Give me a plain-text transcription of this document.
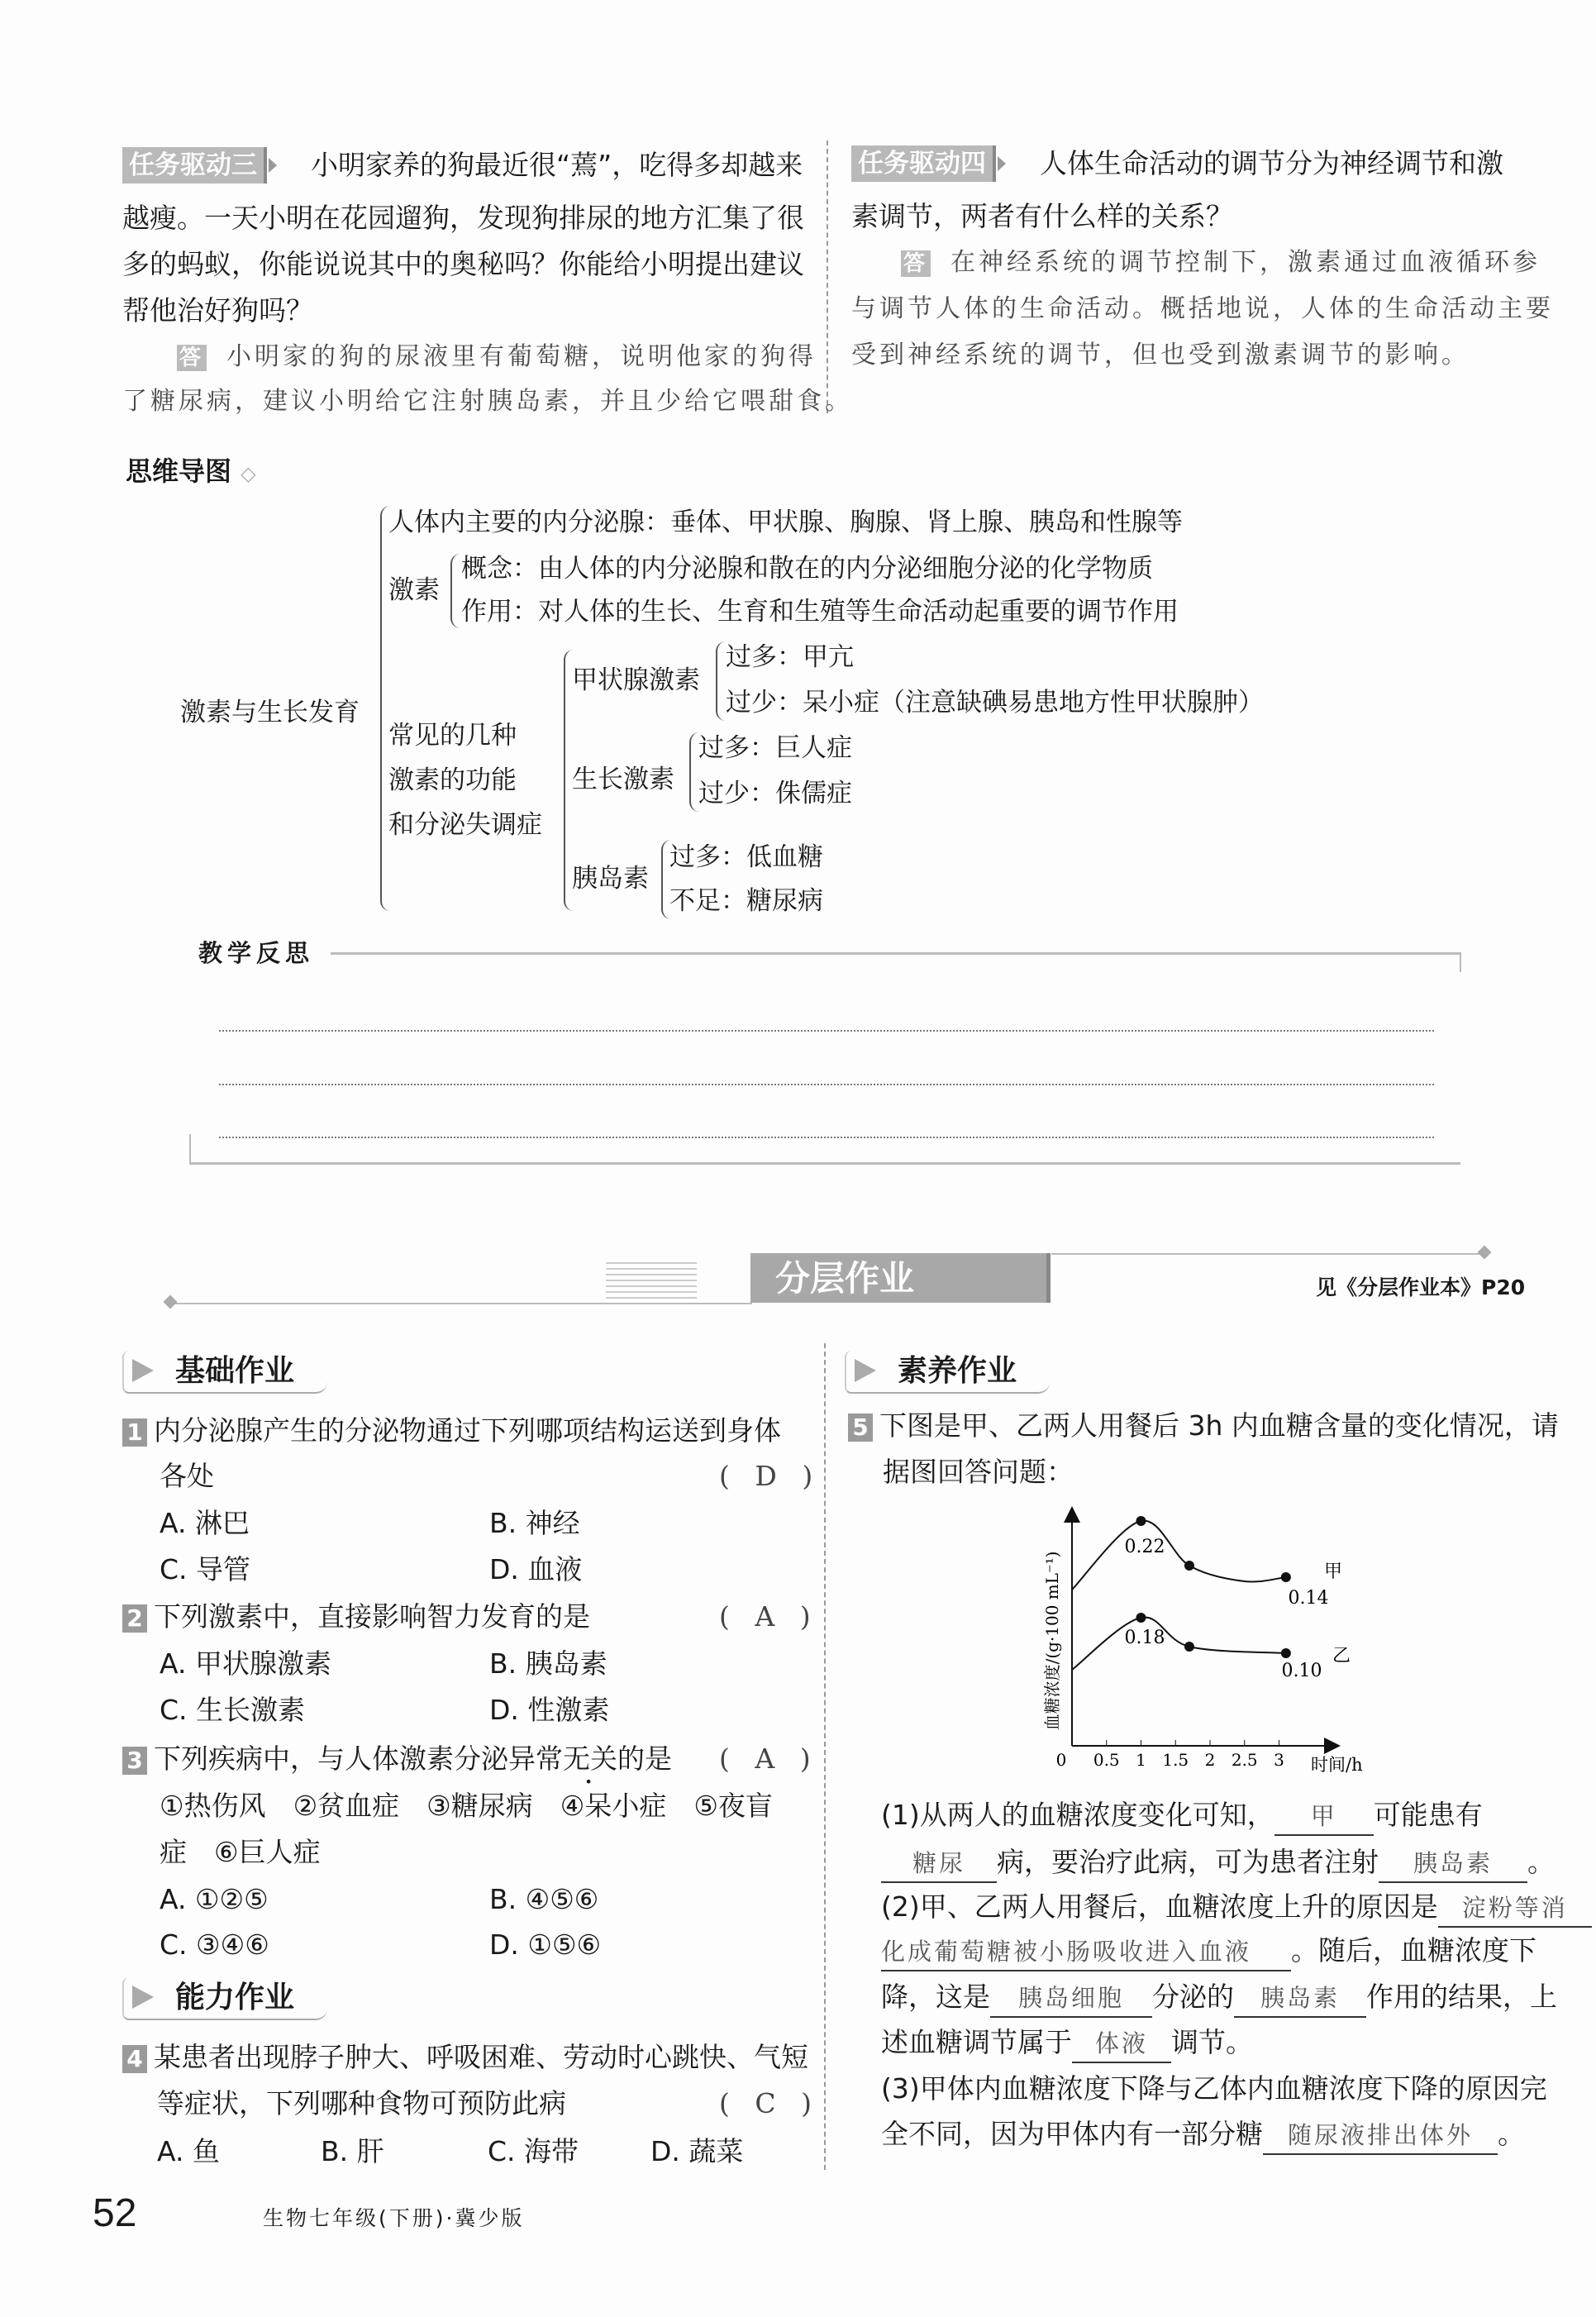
任务驱动三	小明家养的狗最近很“蔫”，吃得多却越来
越瘦。一天小明在花园遛狗，发现狗排尿的地方汇集了很
多的蚂蚁，你能说说其中的奥秘吗？你能给小明提出建议
帮他治好狗吗？
答 小明家的狗的尿液里有葡萄糖，说明他家的狗得
了糖尿病，建议小明给它注射胰岛素，并且少给它喂甜食。
任务驱动四	人体生命活动的调节分为神经调节和激
素调节，两者有什么样的关系？
答 在神经系统的调节控制下，激素通过血液循环参
与调节人体的生命活动。概括地说，人体的生命活动主要
受到神经系统的调节，但也受到激素调节的影响。
思维导图 ◇
激素与生长发育
人体内主要的内分泌腺：垂体、甲状腺、胸腺、肾上腺、胰岛和性腺等
激素
概念：由人体的内分泌腺和散在的内分泌细胞分泌的化学物质
作用：对人体的生长、生育和生殖等生命活动起重要的调节作用
常见的几种
激素的功能
和分泌失调症
甲状腺激素
过多：甲亢
过少：呆小症（注意缺碘易患地方性甲状腺肿）
生长激素
过多：巨人症
过少：侏儒症
胰岛素
过多：低血糖
不足：糖尿病
教学反思
分层作业	见《分层作业本》P20
基础作业
1 内分泌腺产生的分泌物通过下列哪项结构运送到身体
各处	( D )
A. 淋巴	B. 神经
C. 导管	D. 血液
2 下列激素中，直接影响智力发育的是	( A )
A. 甲状腺激素	B. 胰岛素
C. 生长激素	D. 性激素
3 下列疾病中，与人体激素分泌异常无关的是 ( A )
①热伤风　②贫血症　③糖尿病　④呆小症　⑤夜盲
症　⑥巨人症
A. ①②⑤	B. ④⑤⑥
C. ③④⑥	D. ①⑤⑥
能力作业
4 某患者出现脖子肿大、呼吸困难、劳动时心跳快、气短
等症状，下列哪种食物可预防此病	( C )
A. 鱼	B. 肝	C. 海带	D. 蔬菜
素养作业
5 下图是甲、乙两人用餐后 3h 内血糖含量的变化情况，请
据图回答问题：
血糖浓度/(g·100 mL⁻¹)
时间/h
0 0.5 1 1.5 2 2.5 3
0.22
0.14
甲
0.18
0.10
乙
(1)从两人的血糖浓度变化可知， 甲 可能患有
糖尿 病，要治疗此病，可为患者注射 胰岛素 。
(2)甲、乙两人用餐后，血糖浓度上升的原因是 淀粉等消
化成葡萄糖被小肠吸收进入血液 。随后，血糖浓度下
降，这是 胰岛细胞 分泌的 胰岛素 作用的结果，上
述血糖调节属于 体液 调节。
(3)甲体内血糖浓度下降与乙体内血糖浓度下降的原因完
全不同，因为甲体内有一部分糖 随尿液排出体外 。
52	生物七年级(下册)·冀少版
